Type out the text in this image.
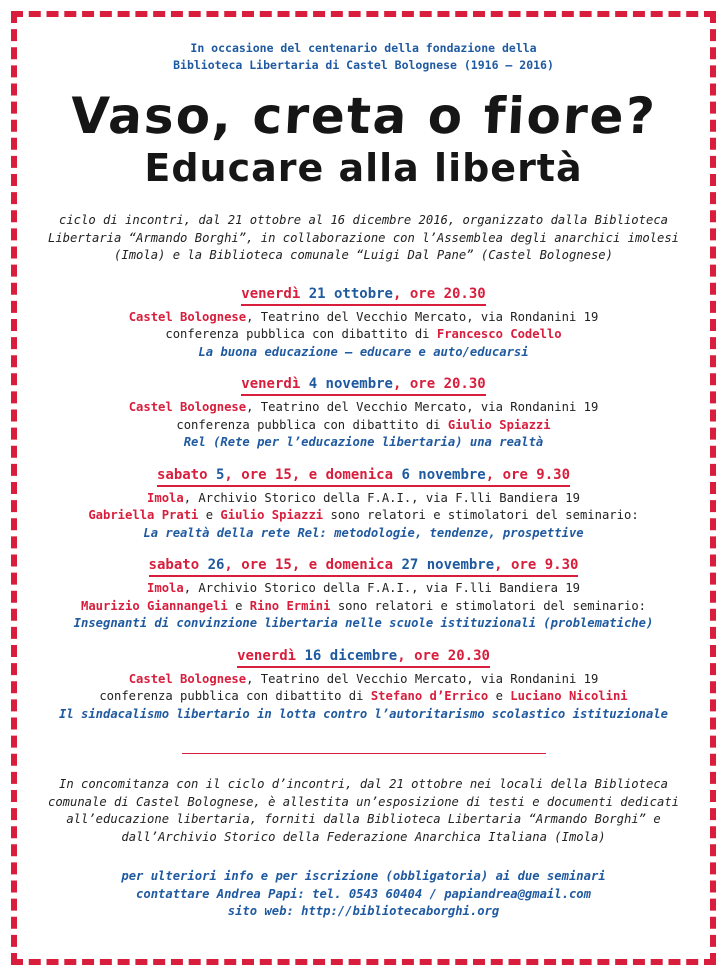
In occasione del centenario della fondazione della
Biblioteca Libertaria di Castel Bolognese (1916 – 2016)
Vaso, creta o fiore?
Educare alla libertà
ciclo di incontri, dal 21 ottobre al 16 dicembre 2016, organizzato dalla Biblioteca Libertaria “Armando Borghi”, in collaborazione con l’Assemblea degli anarchici imolesi (Imola) e la Biblioteca comunale “Luigi Dal Pane” (Castel Bolognese)
venerdì 21 ottobre, ore 20.30
Castel Bolognese, Teatrino del Vecchio Mercato, via Rondanini 19
conferenza pubblica con dibattito di Francesco Codello
La buona educazione – educare e auto/educarsi
venerdì 4 novembre, ore 20.30
Castel Bolognese, Teatrino del Vecchio Mercato, via Rondanini 19
conferenza pubblica con dibattito di Giulio Spiazzi
Rel (Rete per l’educazione libertaria) una realtà
sabato 5, ore 15, e domenica 6 novembre, ore 9.30
Imola, Archivio Storico della F.A.I., via F.lli Bandiera 19
Gabriella Prati e Giulio Spiazzi sono relatori e stimolatori del seminario:
La realtà della rete Rel: metodologie, tendenze, prospettive
sabato 26, ore 15, e domenica 27 novembre, ore 9.30
Imola, Archivio Storico della F.A.I., via F.lli Bandiera 19
Maurizio Giannangeli e Rino Ermini sono relatori e stimolatori del seminario:
Insegnanti di convinzione libertaria nelle scuole istituzionali (problematiche)
venerdì 16 dicembre, ore 20.30
Castel Bolognese, Teatrino del Vecchio Mercato, via Rondanini 19
conferenza pubblica con dibattito di Stefano d’Errico e Luciano Nicolini
Il sindacalismo libertario in lotta contro l’autoritarismo scolastico istituzionale
In concomitanza con il ciclo d’incontri, dal 21 ottobre nei locali della Biblioteca comunale di Castel Bolognese, è allestita un’esposizione di testi e documenti dedicati all’educazione libertaria, forniti dalla Biblioteca Libertaria “Armando Borghi” e dall’Archivio Storico della Federazione Anarchica Italiana (Imola)
per ulteriori info e per iscrizione (obbligatoria) ai due seminari
contattare Andrea Papi: tel. 0543 60404 / papiandrea@gmail.com
sito web: http://bibliotecaborghi.org
